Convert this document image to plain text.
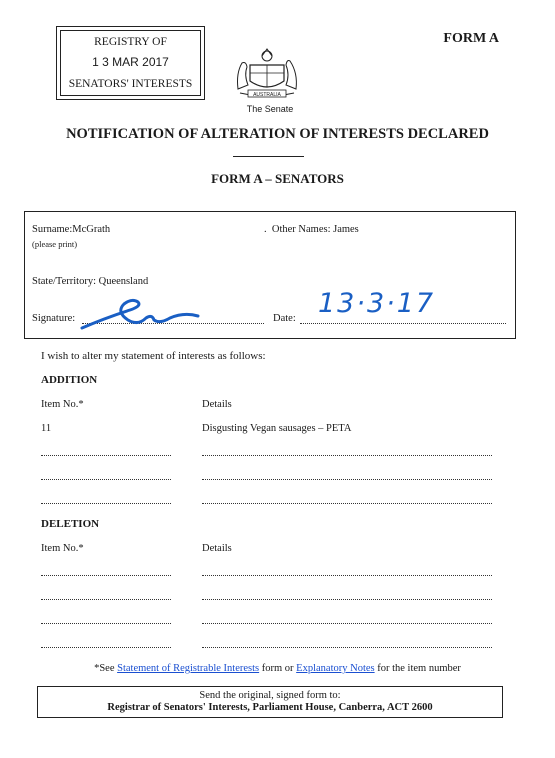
REGISTRY OF
1 3 MAR 2017
SENATORS' INTERESTS
FORM A
AUSTRALIA
The Senate
NOTIFICATION OF ALTERATION OF INTERESTS DECLARED
FORM A – SENATORS
Surname:McGrath
(please print)
.  Other Names: James
State/Territory: Queensland
Signature:	Date: 13·3·17
I wish to alter my statement of interests as follows:
ADDITION
Item No.*	Details
11	Disgusting Vegan sausages – PETA
DELETION
Item No.*	Details
*See Statement of Registrable Interests form or Explanatory Notes for the item number
Send the original, signed form to:
Registrar of Senators' Interests, Parliament House, Canberra, ACT 2600
